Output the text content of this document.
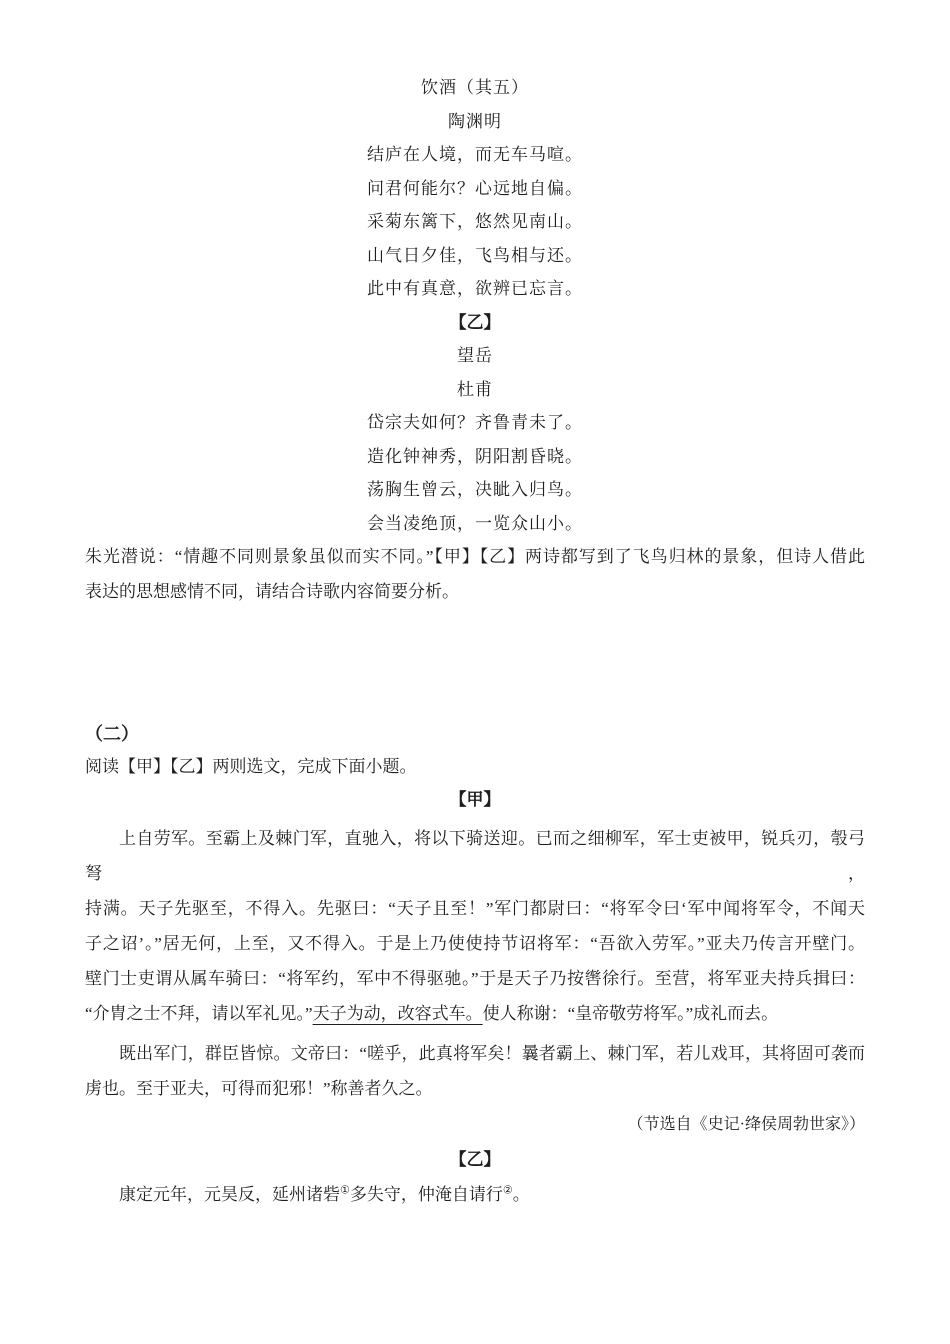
饮酒（其五）
陶渊明
结庐在人境，而无车马喧。
问君何能尔？心远地自偏。
采菊东篱下，悠然见南山。
山气日夕佳，飞鸟相与还。
此中有真意，欲辨已忘言。
【乙】
望岳
杜甫
岱宗夫如何？齐鲁青未了。
造化钟神秀，阴阳割昏晓。
荡胸生曾云，决眦入归鸟。
会当凌绝顶，一览众山小。
朱光潜说：“情趣不同则景象虽似而实不同。”【甲】【乙】两诗都写到了飞鸟归林的景象，但诗人借此
表达的思想感情不同，请结合诗歌内容简要分析。
（二）
阅读【甲】【乙】两则选文，完成下面小题。
【甲】
上自劳军。至霸上及棘门军，直驰入，将以下骑送迎。已而之细柳军，军士吏被甲，锐兵刃，彀弓弩，
持满。天子先驱至，不得入。先驱曰：“天子且至！”军门都尉曰：“将军令曰‘军中闻将军令，不闻天
子之诏’。”居无何，上至，又不得入。于是上乃使使持节诏将军：“吾欲入劳军。”亚夫乃传言开壁门。
壁门士吏谓从属车骑曰：“将军约，军中不得驱驰。”于是天子乃按辔徐行。至营，将军亚夫持兵揖曰：
“介胄之士不拜，请以军礼见。”天子为动，改容式车。使人称谢：“皇帝敬劳将军。”成礼而去。
既出军门，群臣皆惊。文帝曰：“嗟乎，此真将军矣！曩者霸上、棘门军，若儿戏耳，其将固可袭而
虏也。至于亚夫，可得而犯邪！”称善者久之。
（节选自《史记·绛侯周勃世家》）
【乙】
康定元年，元昊反，延州诸砦①多失守，仲淹自请行②。
